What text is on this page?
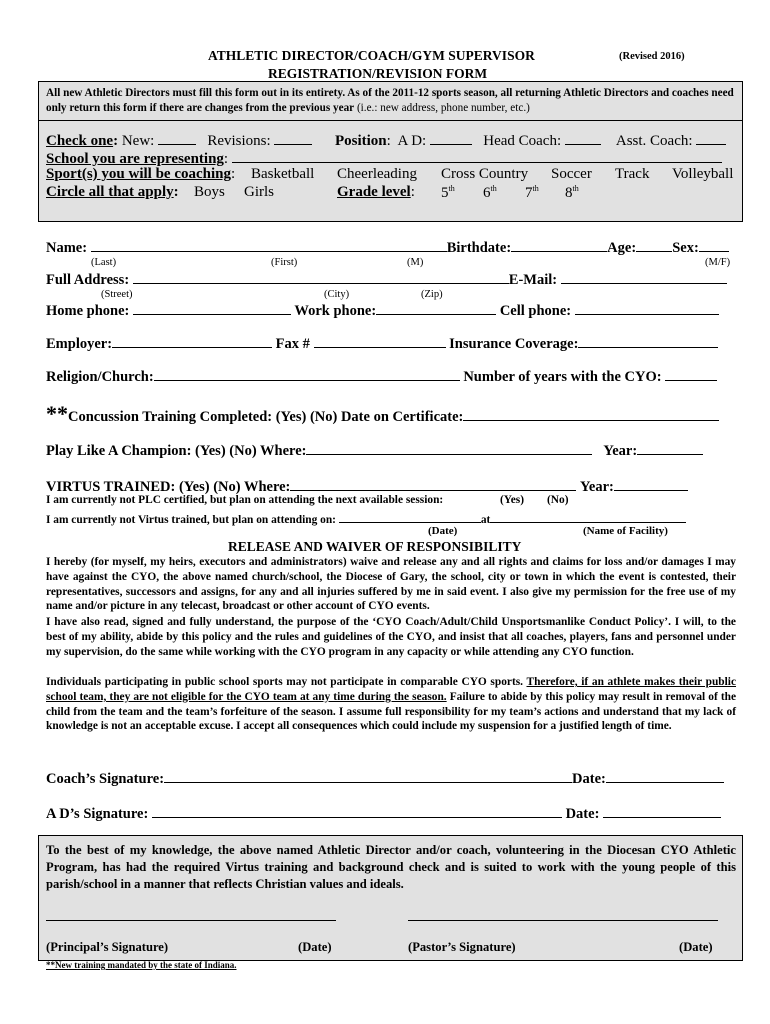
ATHLETIC DIRECTOR/COACH/GYM SUPERVISOR	(Revised 2016)
REGISTRATION/REVISION FORM
All new Athletic Directors must fill this form out in its entirety. As of the 2011-12 sports season, all returning Athletic Directors and coaches need only return this form if there are changes from the previous year (i.e.: new address, phone number, etc.)
Check one: New:	Revisions:	Position:  A D:	Head Coach:	Asst. Coach:
School you are representing:
Sport(s) you will be coaching: Basketball Cheerleading Cross Country Soccer Track Volleyball
Circle all that apply: Boys Girls	Grade level: 5th 6th 7th 8th
Name:	Birthdate:	Age: Sex:
(Last)	(First)	(M)	(M/F)
Full Address:	E-Mail:
(Street)	(City)	(Zip)
Home phone:	Work phone:	Cell phone:
Employer:	Fax #	Insurance Coverage:
Religion/Church:	Number of years with the CYO:
**Concussion Training Completed: (Yes) (No) Date on Certificate:
Play Like A Champion: (Yes) (No) Where:	Year:
VIRTUS TRAINED: (Yes) (No) Where:	Year:
I am currently not PLC certified, but plan on attending the next available session:	(Yes) (No)
I am currently not Virtus trained, but plan on attending on:	at
(Date)	(Name of Facility)
RELEASE AND WAIVER OF RESPONSIBILITY
I hereby (for myself, my heirs, executors and administrators) waive and release any and all rights and claims for loss and/or damages I may have against the CYO, the above named church/school, the Diocese of Gary, the school, city or town in which the event is contested, their representatives, successors and assigns, for any and all injuries suffered by me in said event. I also give my permission for the free use of my name and/or picture in any telecast, broadcast or other account of CYO events.
I have also read, signed and fully understand, the purpose of the ‘CYO Coach/Adult/Child Unsportsmanlike Conduct Policy’. I will, to the best of my ability, abide by this policy and the rules and guidelines of the CYO, and insist that all coaches, players, fans and personnel under my supervision, do the same while working with the CYO program in any capacity or while attending any CYO function.
Individuals participating in public school sports may not participate in comparable CYO sports. Therefore, if an athlete makes their public school team, they are not eligible for the CYO team at any time during the season. Failure to abide by this policy may result in removal of the child from the team and the team’s forfeiture of the season. I assume full responsibility for my team’s actions and understand that my lack of knowledge is not an acceptable excuse. I accept all consequences which could include my suspension for a justified length of time.
Coach’s Signature:	Date:
A D’s Signature:	Date:
To the best of my knowledge, the above named Athletic Director and/or coach, volunteering in the Diocesan CYO Athletic Program, has had the required Virtus training and background check and is suited to work with the young people of this parish/school in a manner that reflects Christian values and ideals.
(Principal’s Signature)	(Date)	(Pastor’s Signature)	(Date)
**New training mandated by the state of Indiana.
